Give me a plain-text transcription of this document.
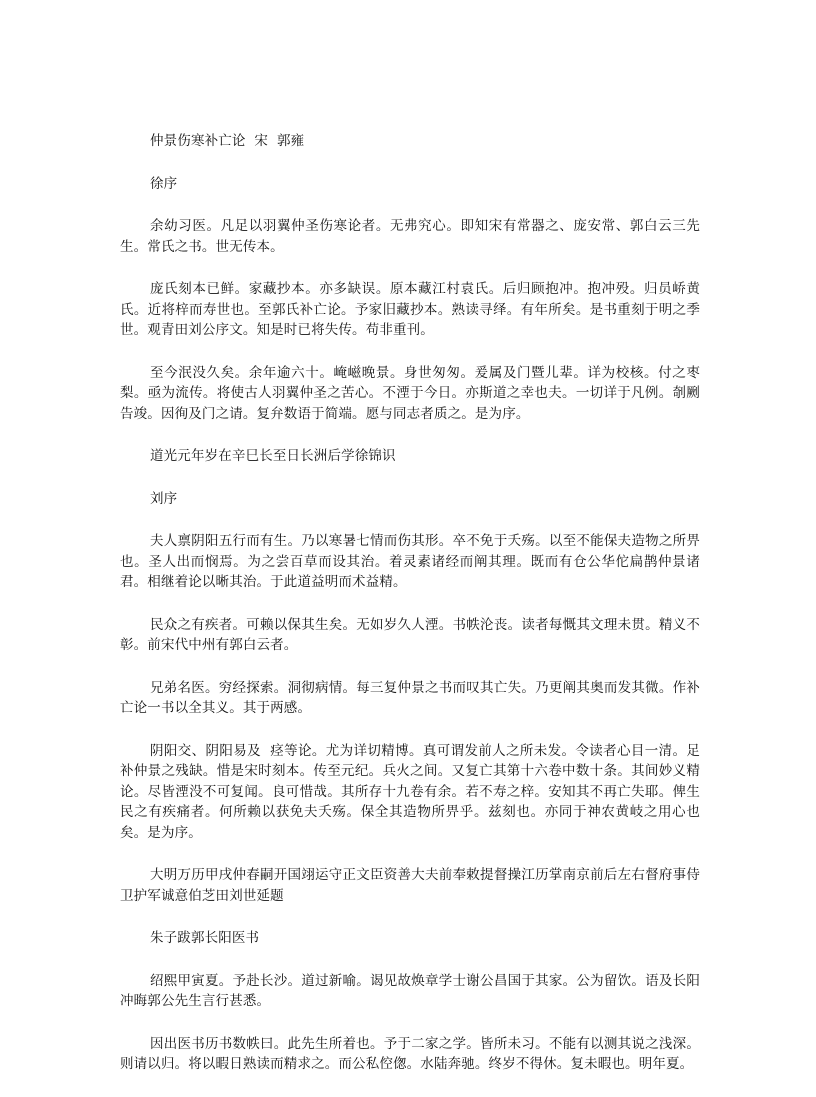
仲景伤寒补亡论  宋  郭雍

徐序

余幼习医。凡足以羽翼仲圣伤寒论者。无弗究心。即知宋有常器之、庞安常、郭白云三先生。常氏之书。世无传本。

庞氏刻本已鲜。家藏抄本。亦多缺误。原本藏江村袁氏。后归顾抱冲。抱冲殁。归员峤黄氏。近将梓而寿世也。至郭氏补亡论。予家旧藏抄本。熟读寻绎。有年所矣。是书重刻于明之季世。观青田刘公序文。知是时已将失传。苟非重刊。

至今泯没久矣。余年逾六十。崦嵫晚景。身世匆匆。爰属及门暨儿辈。详为校核。付之枣梨。亟为流传。将使古人羽翼仲圣之苦心。不湮于今日。亦斯道之幸也夫。一切详于凡例。剞劂告竣。因徇及门之请。复弁数语于简端。愿与同志者质之。是为序。

道光元年岁在辛巳长至日长洲后学徐锦识

刘序

夫人禀阴阳五行而有生。乃以寒暑七情而伤其形。卒不免于夭殇。以至不能保夫造物之所畀也。圣人出而悯焉。为之尝百草而设其治。着灵素诸经而阐其理。既而有仓公华佗扁鹊仲景诸君。相继着论以晰其治。于此道益明而术益精。

民众之有疾者。可赖以保其生矣。无如岁久人湮。书帙沦丧。读者每慨其文理未贯。精义不彰。前宋代中州有郭白云者。

兄弟名医。穷经探索。洞彻病情。每三复仲景之书而叹其亡失。乃更阐其奥而发其微。作补亡论一书以全其义。其于两感。

阴阳交、阴阳易及  痉等论。尤为详切精博。真可谓发前人之所未发。令读者心目一清。足补仲景之残缺。惜是宋时刻本。传至元纪。兵火之间。又复亡其第十六卷中数十条。其间妙义精论。尽皆湮没不可复闻。良可惜哉。其所存十九卷有余。若不寿之梓。安知其不再亡失耶。俾生民之有疾痛者。何所赖以获免夫夭殇。保全其造物所畀乎。兹刻也。亦同于神农黄岐之用心也矣。是为序。

大明万历甲戌仲春嗣开国翊运守正文臣资善大夫前奉敕提督操江历掌南京前后左右督府事侍卫护军诚意伯芝田刘世延题

朱子跋郭长阳医书

绍熙甲寅夏。予赴长沙。道过新喻。谒见故焕章学士谢公昌国于其家。公为留饮。语及长阳冲晦郭公先生言行甚悉。

因出医书历书数帙曰。此先生所着也。予于二家之学。皆所未习。不能有以测其说之浅深。则请以归。将以暇日熟读而精求之。而公私倥偬。水陆奔驰。终岁不得休。复未暇也。明年夏。
